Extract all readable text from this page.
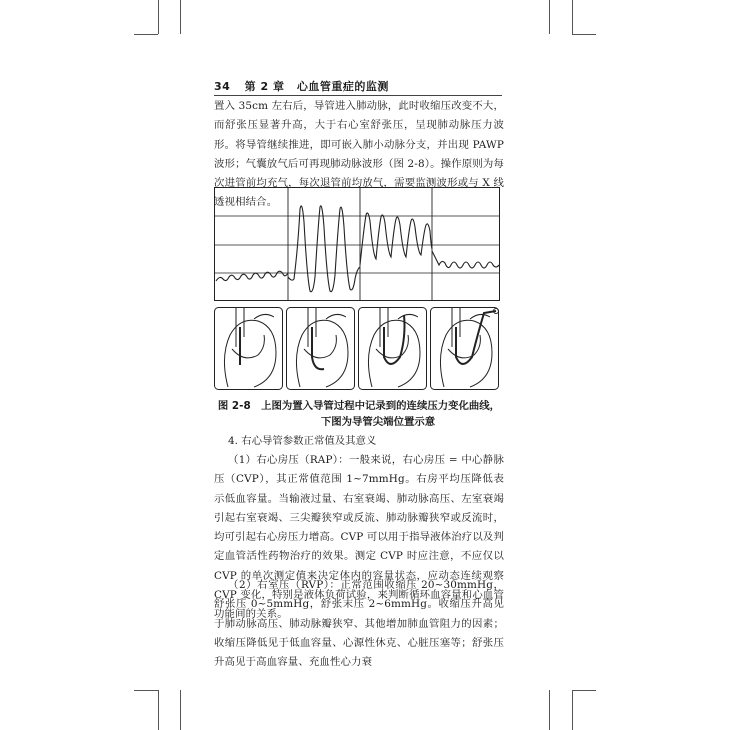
34 第 2 章 心血管重症的监测
置入 35cm 左右后，导管进入肺动脉，此时收缩压改变不大，而舒张压显著升高，大于右心室舒张压，呈现肺动脉压力波形。将导管继续推进，即可嵌入肺小动脉分支，并出现 PAWP 波形；气囊放气后可再现肺动脉波形（图 2-8）。操作原则为每次进管前均充气，每次退管前均放气，需要监测波形或与 X 线透视相结合。
图 2-8　上图为置入导管过程中记录到的连续压力变化曲线，
下图为导管尖端位置示意
4. 右心导管参数正常值及其意义
（1）右心房压（RAP）：一般来说，右心房压 = 中心静脉压（CVP），其正常值范围 1~7mmHg。右房平均压降低表示低血容量。当输液过量、右室衰竭、肺动脉高压、左室衰竭引起右室衰竭、三尖瓣狭窄或反流、肺动脉瓣狭窄或反流时，均可引起右心房压力增高。CVP 可以用于指导液体治疗以及判定血管活性药物治疗的效果。测定 CVP 时应注意，不应仅以 CVP 的单次测定值来决定体内的容量状态，应动态连续观察 CVP 变化，特别是液体负荷试验，来判断循环血容量和心血管功能间的关系。
（2）右室压（RVP）：正常范围收缩压 20~30mmHg，舒张压 0~5mmHg，舒张末压 2~6mmHg。收缩压升高见于肺动脉高压、肺动脉瓣狭窄、其他增加肺血管阻力的因素；收缩压降低见于低血容量、心源性休克、心脏压塞等；舒张压升高见于高血容量、充血性心力衰
